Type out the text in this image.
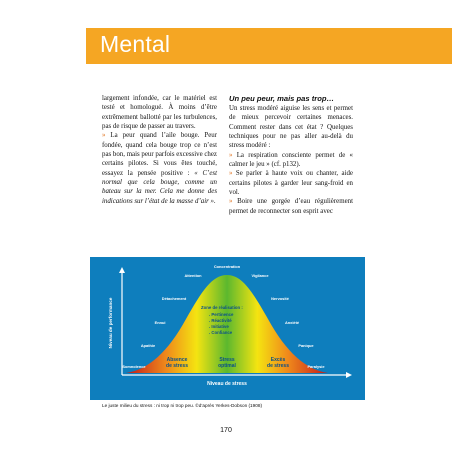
Mental

largement infondée, car le matériel est testé et homologué. À moins d’être extrêmement ballotté par les turbulences, pas de risque de passer au travers.

» La peur quand l’aile bouge. Peur fondée, quand cela bouge trop ce n’est pas bon, mais peur parfois excessive chez certains pilotes. Si vous êtes touché, essayez la pensée positive : « C’est normal que cela bouge, comme un bateau sur la mer. Cela me donne des indications sur l’état de la masse d’air ».

Un peu peur, mais pas trop…

Un stress modéré aiguise les sens et permet de mieux percevoir certaines menaces. Comment rester dans cet état ? Quelques techniques pour ne pas aller au-delà du stress modéré :

» La respiration consciente permet de « calmer le jeu » (cf. p132).

» Se parler à haute voix ou chanter, aide certains pilotes à garder leur sang-froid en vol.

» Boire une gorgée d’eau régulièrement permet de reconnecter son esprit avec

Niveau de performance
Niveau de stress
Concentration
Attention	Vigilance
Détachement	Nervosité
Ennui	Anxiété
Apathie	Panique
Somnolence	Paralysie
Zone de réalisation :
. Pertinence
. Réactivité
. Initiative
. Confiance
Absence
de stress
Stress
optimal
Excès
de stress
Le juste milieu du stress : ni trop ni trop peu. ©d’après Yerkes-Dobson (1908)
170
